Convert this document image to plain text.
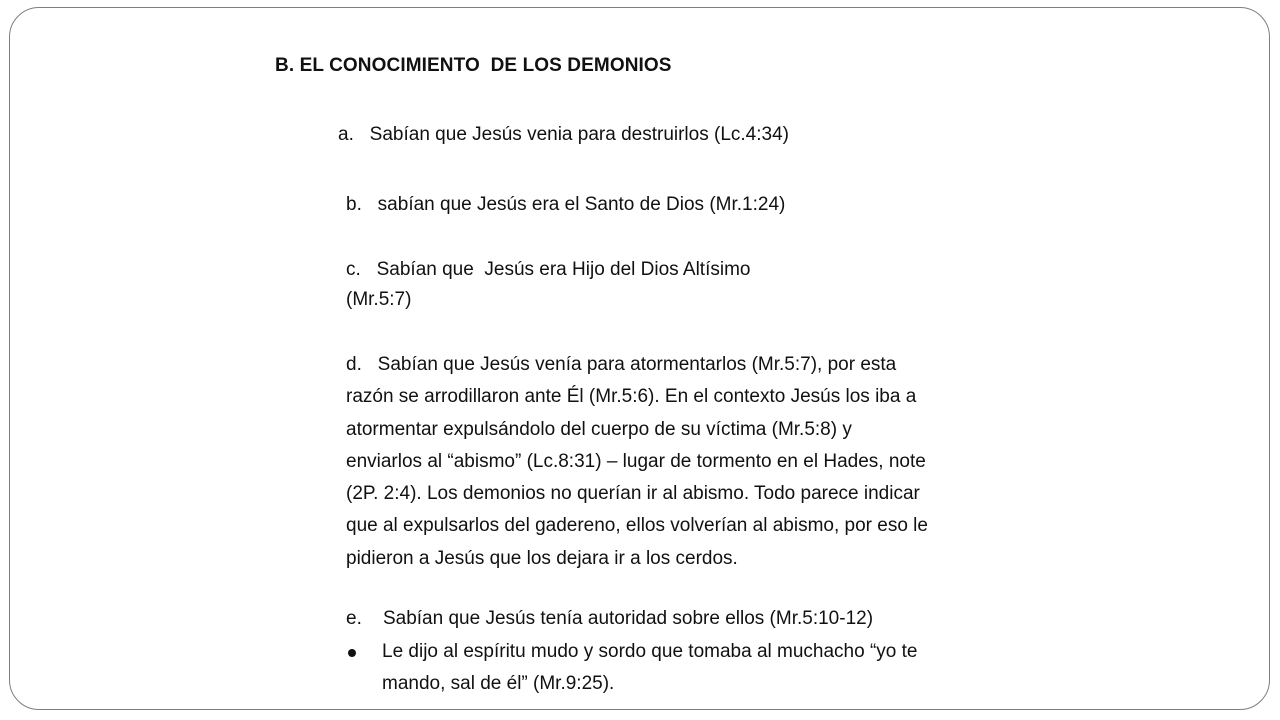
B. EL CONOCIMIENTO  DE LOS DEMONIOS
a.   Sabían que Jesús venia para destruirlos (Lc.4:34)
b.   sabían que Jesús era el Santo de Dios (Mr.1:24)
c.   Sabían que  Jesús era Hijo del Dios Altísimo
(Mr.5:7)
d.   Sabían que Jesús venía para atormentarlos (Mr.5:7), por esta
razón se arrodillaron ante Él (Mr.5:6). En el contexto Jesús los iba a
atormentar expulsándolo del cuerpo de su víctima (Mr.5:8) y
enviarlos al “abismo” (Lc.8:31) – lugar de tormento en el Hades, note
(2P. 2:4). Los demonios no querían ir al abismo. Todo parece indicar
que al expulsarlos del gadereno, ellos volverían al abismo, por eso le
pidieron a Jesús que los dejara ir a los cerdos.
e.    Sabían que Jesús tenía autoridad sobre ellos (Mr.5:10-12)
Le dijo al espíritu mudo y sordo que tomaba al muchacho “yo te
mando, sal de él” (Mr.9:25).
